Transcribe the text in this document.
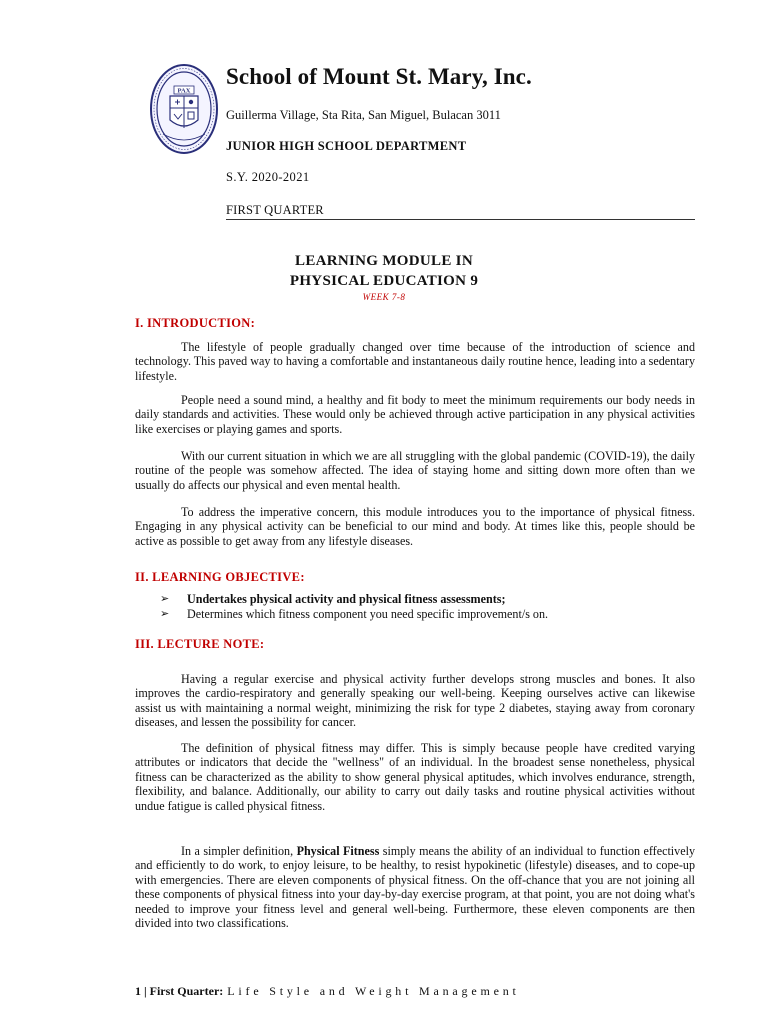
PAX
School of Mount St. Mary, Inc.
Guillerma Village, Sta Rita, San Miguel, Bulacan 3011
JUNIOR HIGH SCHOOL DEPARTMENT
S.Y. 2020-2021
FIRST QUARTER
LEARNING MODULE IN
PHYSICAL EDUCATION 9
WEEK 7-8
I. INTRODUCTION:

The lifestyle of people gradually changed over time because of the introduction of science and technology. This paved way to having a comfortable and instantaneous daily routine hence, leading into a sedentary lifestyle.

People need a sound mind, a healthy and fit body to meet the minimum requirements our body needs in daily standards and activities. These would only be achieved through active participation in any physical activities like exercises or playing games and sports.

With our current situation in which we are all struggling with the global pandemic (COVID-19), the daily routine of the people was somehow affected. The idea of staying home and sitting down more often than we usually do affects our physical and even mental health.

To address the imperative concern, this module introduces you to the importance of physical fitness. Engaging in any physical activity can be beneficial to our mind and body. At times like this, people should be active as possible to get away from any lifestyle diseases.

II. LEARNING OBJECTIVE:
➢	Undertakes physical activity and physical fitness assessments;
➢	Determines which fitness component you need specific improvement/s on.
III. LECTURE NOTE:

Having a regular exercise and physical activity further develops strong muscles and bones. It also improves the cardio-respiratory and generally speaking our well-being. Keeping ourselves active can likewise assist us with maintaining a normal weight, minimizing the risk for type 2 diabetes, staying away from coronary diseases, and lessen the possibility for cancer.

The definition of physical fitness may differ. This is simply because people have credited varying attributes or indicators that decide the "wellness" of an individual. In the broadest sense nonetheless, physical fitness can be characterized as the ability to show general physical aptitudes, which involves endurance, strength, flexibility, and balance. Additionally, our ability to carry out daily tasks and routine physical activities without undue fatigue is called physical fitness.

In a simpler definition, Physical Fitness simply means the ability of an individual to function effectively and efficiently to do work, to enjoy leisure, to be healthy, to resist hypokinetic (lifestyle) diseases, and to cope-up with emergencies. There are eleven components of physical fitness. On the off-chance that you are not joining all these components of physical fitness into your day-by-day exercise program, at that point, you are not doing what's needed to improve your fitness level and general well-being. Furthermore, these eleven components are then divided into two classifications.

1 | First Quarter: Life Style and Weight Management
